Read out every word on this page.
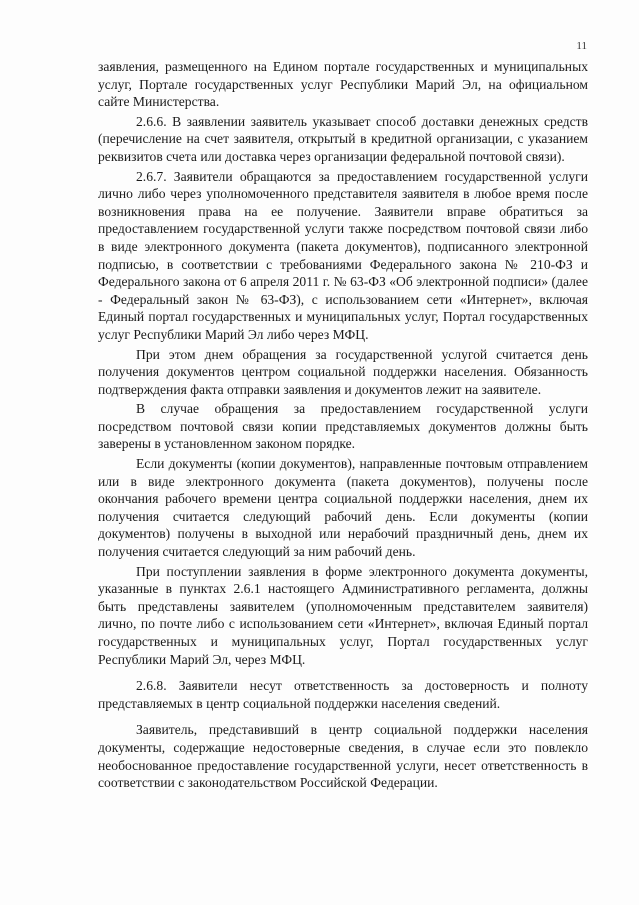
11

заявления, размещенного на Едином портале государственных и муниципальных услуг, Портале государственных услуг Республики Марий Эл, на официальном сайте Министерства.

2.6.6. В заявлении заявитель указывает способ доставки денежных средств (перечисление на счет заявителя, открытый в кредитной организации, с указанием реквизитов счета или доставка через организации федеральной почтовой связи).

2.6.7. Заявители обращаются за предоставлением государственной услуги лично либо через уполномоченного представителя заявителя в любое время после возникновения права на ее получение. Заявители вправе обратиться за предоставлением государственной услуги также посредством почтовой связи либо в виде электронного документа (пакета документов), подписанного электронной подписью, в соответствии с требованиями Федерального закона № 210-ФЗ и Федерального закона от 6 апреля 2011 г. № 63-ФЗ «Об электронной подписи» (далее - Федеральный закон № 63-ФЗ), с использованием сети «Интернет», включая Единый портал государственных и муниципальных услуг, Портал государственных услуг Республики Марий Эл либо через МФЦ.

При этом днем обращения за государственной услугой считается день получения документов центром социальной поддержки населения. Обязанность подтверждения факта отправки заявления и документов лежит на заявителе.

В случае обращения за предоставлением государственной услуги посредством почтовой связи копии представляемых документов должны быть заверены в установленном законом порядке.

Если документы (копии документов), направленные почтовым отправлением или в виде электронного документа (пакета документов), получены после окончания рабочего времени центра социальной поддержки населения, днем их получения считается следующий рабочий день. Если документы (копии документов) получены в выходной или нерабочий праздничный день, днем их получения считается следующий за ним рабочий день.

При поступлении заявления в форме электронного документа документы, указанные в пунктах 2.6.1 настоящего Административного регламента, должны быть представлены заявителем (уполномоченным представителем заявителя) лично, по почте либо с использованием сети «Интернет», включая Единый портал государственных и муниципальных услуг, Портал государственных услуг Республики Марий Эл, через МФЦ.

2.6.8. Заявители несут ответственность за достоверность и полноту представляемых в центр социальной поддержки населения сведений.

Заявитель, представивший в центр социальной поддержки населения документы, содержащие недостоверные сведения, в случае если это повлекло необоснованное предоставление государственной услуги, несет ответственность в соответствии с законодательством Российской Федерации.
